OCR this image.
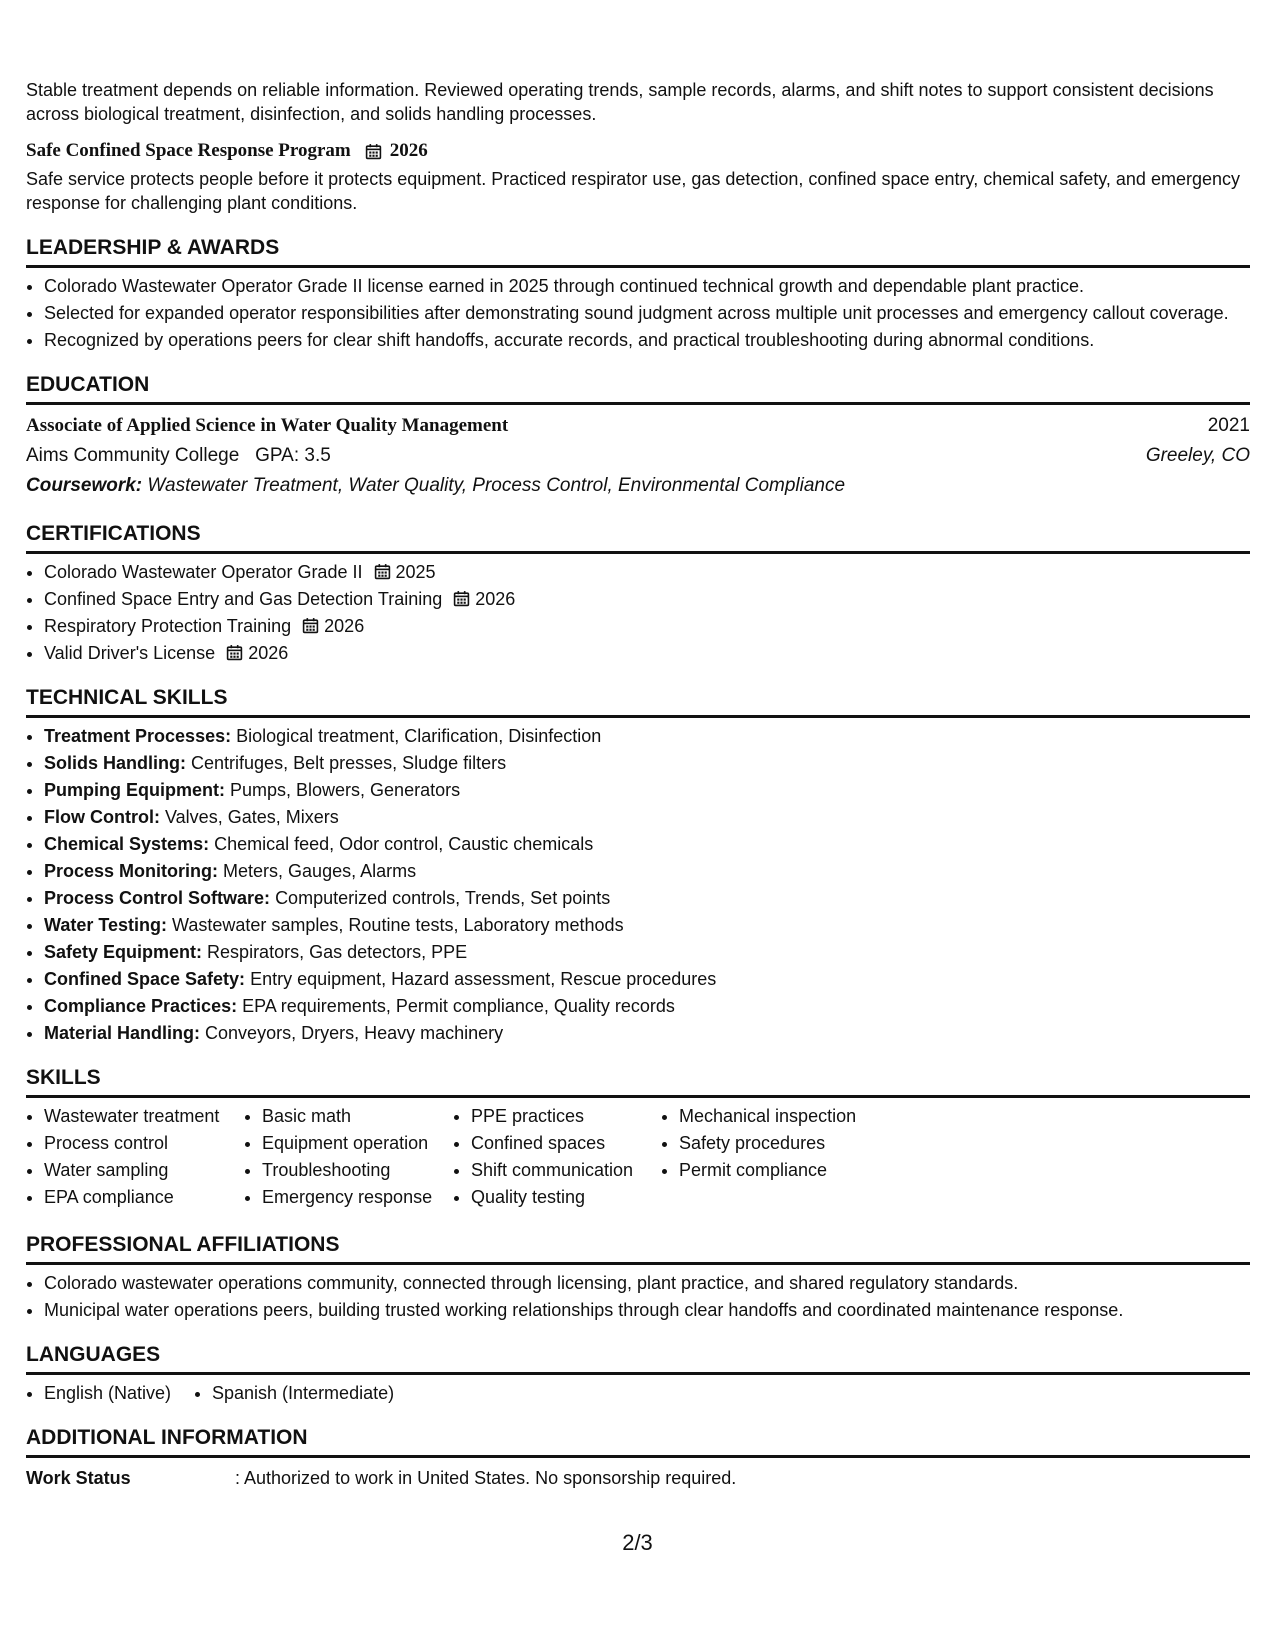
Stable treatment depends on reliable information. Reviewed operating trends, sample records, alarms, and shift notes to support consistent decisions across biological treatment, disinfection, and solids handling processes.

Safe Confined Space Response Program 2026

Safe service protects people before it protects equipment. Practiced respirator use, gas detection, confined space entry, chemical safety, and emergency response for challenging plant conditions.

LEADERSHIP & AWARDS
• Colorado Wastewater Operator Grade II license earned in 2025 through continued technical growth and dependable plant practice.
• Selected for expanded operator responsibilities after demonstrating sound judgment across multiple unit processes and emergency callout coverage.
• Recognized by operations peers for clear shift handoffs, accurate records, and practical troubleshooting during abnormal conditions.
EDUCATION
Associate of Applied Science in Water Quality Management	2021
Aims Community College GPA: 3.5	Greeley, CO
Coursework: Wastewater Treatment, Water Quality, Process Control, Environmental Compliance
CERTIFICATIONS
• Colorado Wastewater Operator Grade II 2025
• Confined Space Entry and Gas Detection Training 2026
• Respiratory Protection Training 2026
• Valid Driver's License 2026
TECHNICAL SKILLS
• Treatment Processes: Biological treatment, Clarification, Disinfection
• Solids Handling: Centrifuges, Belt presses, Sludge filters
• Pumping Equipment: Pumps, Blowers, Generators
• Flow Control: Valves, Gates, Mixers
• Chemical Systems: Chemical feed, Odor control, Caustic chemicals
• Process Monitoring: Meters, Gauges, Alarms
• Process Control Software: Computerized controls, Trends, Set points
• Water Testing: Wastewater samples, Routine tests, Laboratory methods
• Safety Equipment: Respirators, Gas detectors, PPE
• Confined Space Safety: Entry equipment, Hazard assessment, Rescue procedures
• Compliance Practices: EPA requirements, Permit compliance, Quality records
• Material Handling: Conveyors, Dryers, Heavy machinery
SKILLS
• Wastewater treatment
• Process control
• Water sampling
• EPA compliance
• Basic math
• Equipment operation
• Troubleshooting
• Emergency response
• PPE practices
• Confined spaces
• Shift communication
• Quality testing
• Mechanical inspection
• Safety procedures
• Permit compliance
PROFESSIONAL AFFILIATIONS
• Colorado wastewater operations community, connected through licensing, plant practice, and shared regulatory standards.
• Municipal water operations peers, building trusted working relationships through clear handoffs and coordinated maintenance response.
LANGUAGES
• English (Native)
•	Spanish (Intermediate)
ADDITIONAL INFORMATION
Work Status	: Authorized to work in United States. No sponsorship required.
2/3
